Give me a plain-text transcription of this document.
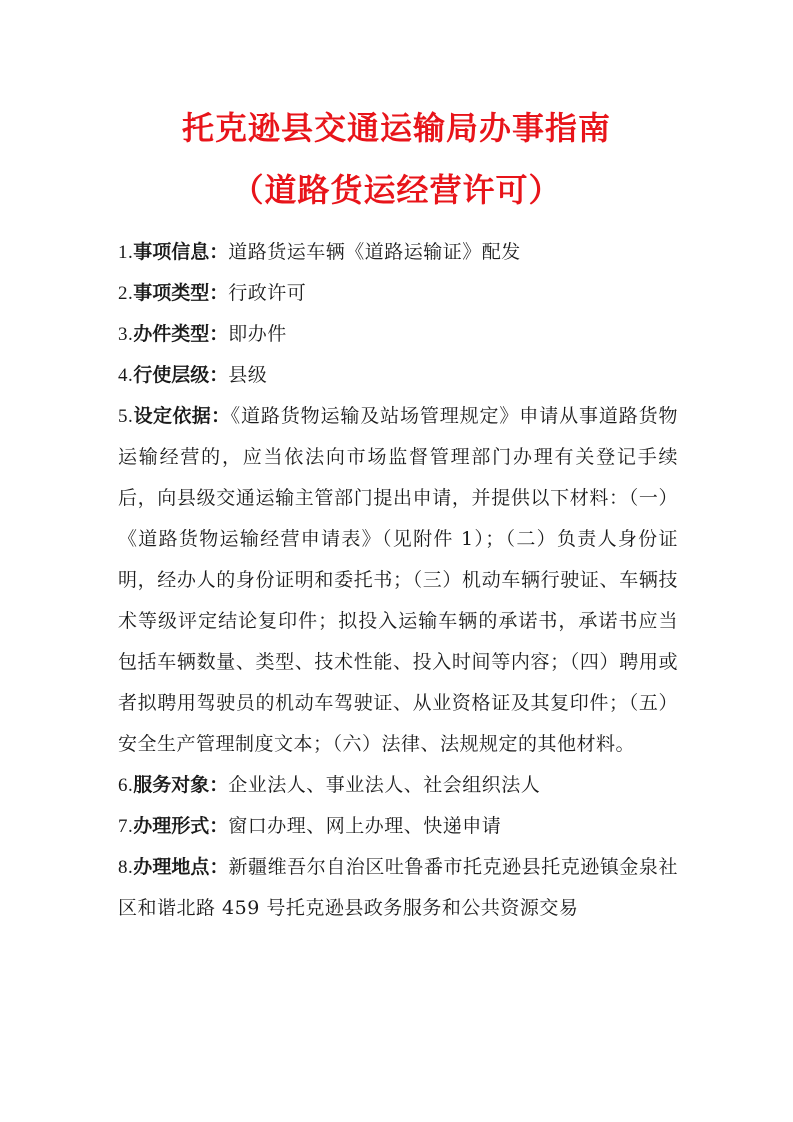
托克逊县交通运输局办事指南
（道路货运经营许可）

1.事项信息：道路货运车辆《道路运输证》配发

2.事项类型：行政许可

3.办件类型：即办件

4.行使层级：县级

5.设定依据：《道路货物运输及站场管理规定》申请从事道路货物运输经营的，应当依法向市场监督管理部门办理有关登记手续后，向县级交通运输主管部门提出申请，并提供以下材料：（一）《道路货物运输经营申请表》（见附件 1）；（二）负责人身份证明，经办人的身份证明和委托书；（三）机动车辆行驶证、车辆技术等级评定结论复印件；拟投入运输车辆的承诺书，承诺书应当包括车辆数量、类型、技术性能、投入时间等内容；（四）聘用或者拟聘用驾驶员的机动车驾驶证、从业资格证及其复印件；（五）安全生产管理制度文本；（六）法律、法规规定的其他材料。

6.服务对象：企业法人、事业法人、社会组织法人

7.办理形式：窗口办理、网上办理、快递申请

8.办理地点：新疆维吾尔自治区吐鲁番市托克逊县托克逊镇金泉社区和谐北路 459 号托克逊县政务服务和公共资源交易
